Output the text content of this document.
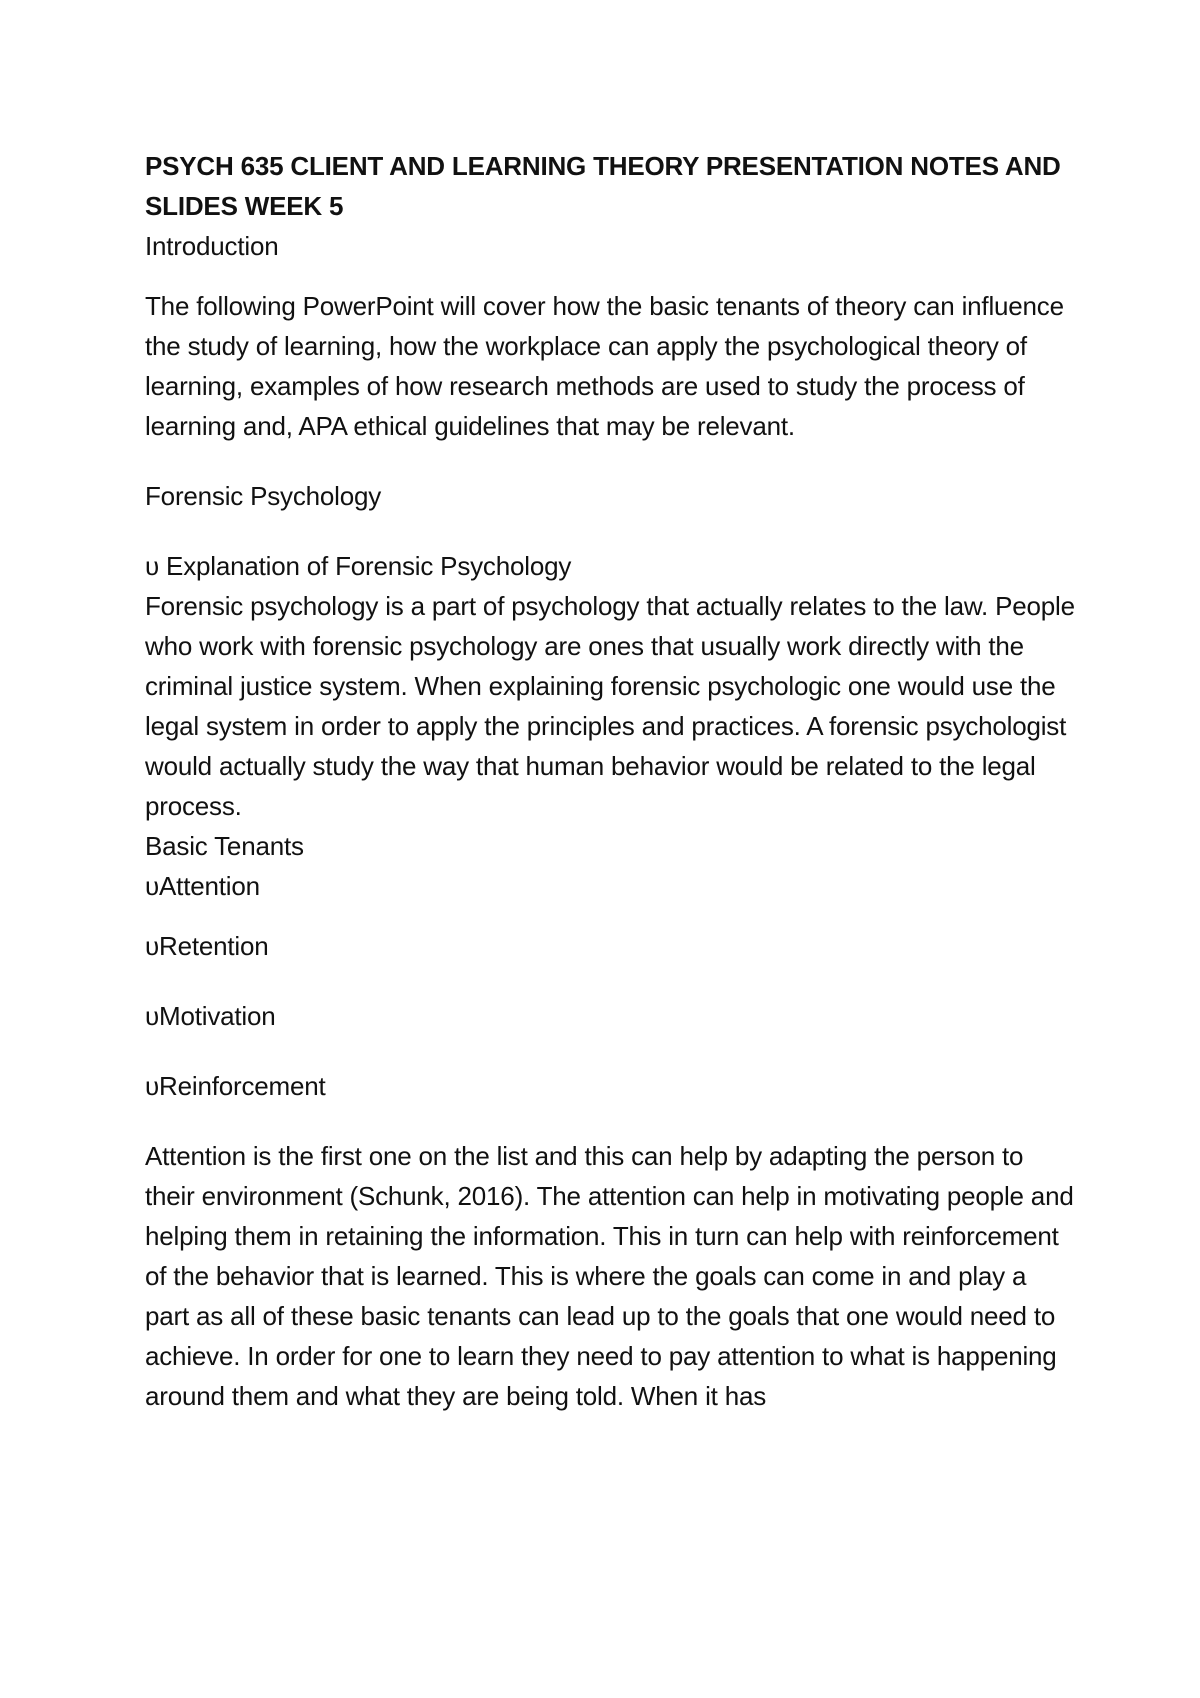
PSYCH 635 CLIENT AND LEARNING THEORY PRESENTATION NOTES AND SLIDES WEEK 5

Introduction

The following PowerPoint will cover how the basic tenants of theory can influence the study of learning, how the workplace can apply the psychological theory of learning, examples of how research methods are used to study the process of learning and, APA ethical guidelines that may be relevant.

Forensic Psychology

υ Explanation of Forensic Psychology

Forensic psychology is a part of psychology that actually relates to the law. People who work with forensic psychology are ones that usually work directly with the criminal justice system. When explaining forensic psychologic one would use the legal system in order to apply the principles and practices. A forensic psychologist would actually study the way that human behavior would be related to the legal process.

Basic Tenants

υAttention

υRetention

υMotivation

υReinforcement

Attention is the first one on the list and this can help by adapting the person to their environment (Schunk, 2016). The attention can help in motivating people and helping them in retaining the information. This in turn can help with reinforcement of the behavior that is learned. This is where the goals can come in and play a part as all of these basic tenants can lead up to the goals that one would need to achieve. In order for one to learn they need to pay attention to what is happening around them and what they are being told. When it has
